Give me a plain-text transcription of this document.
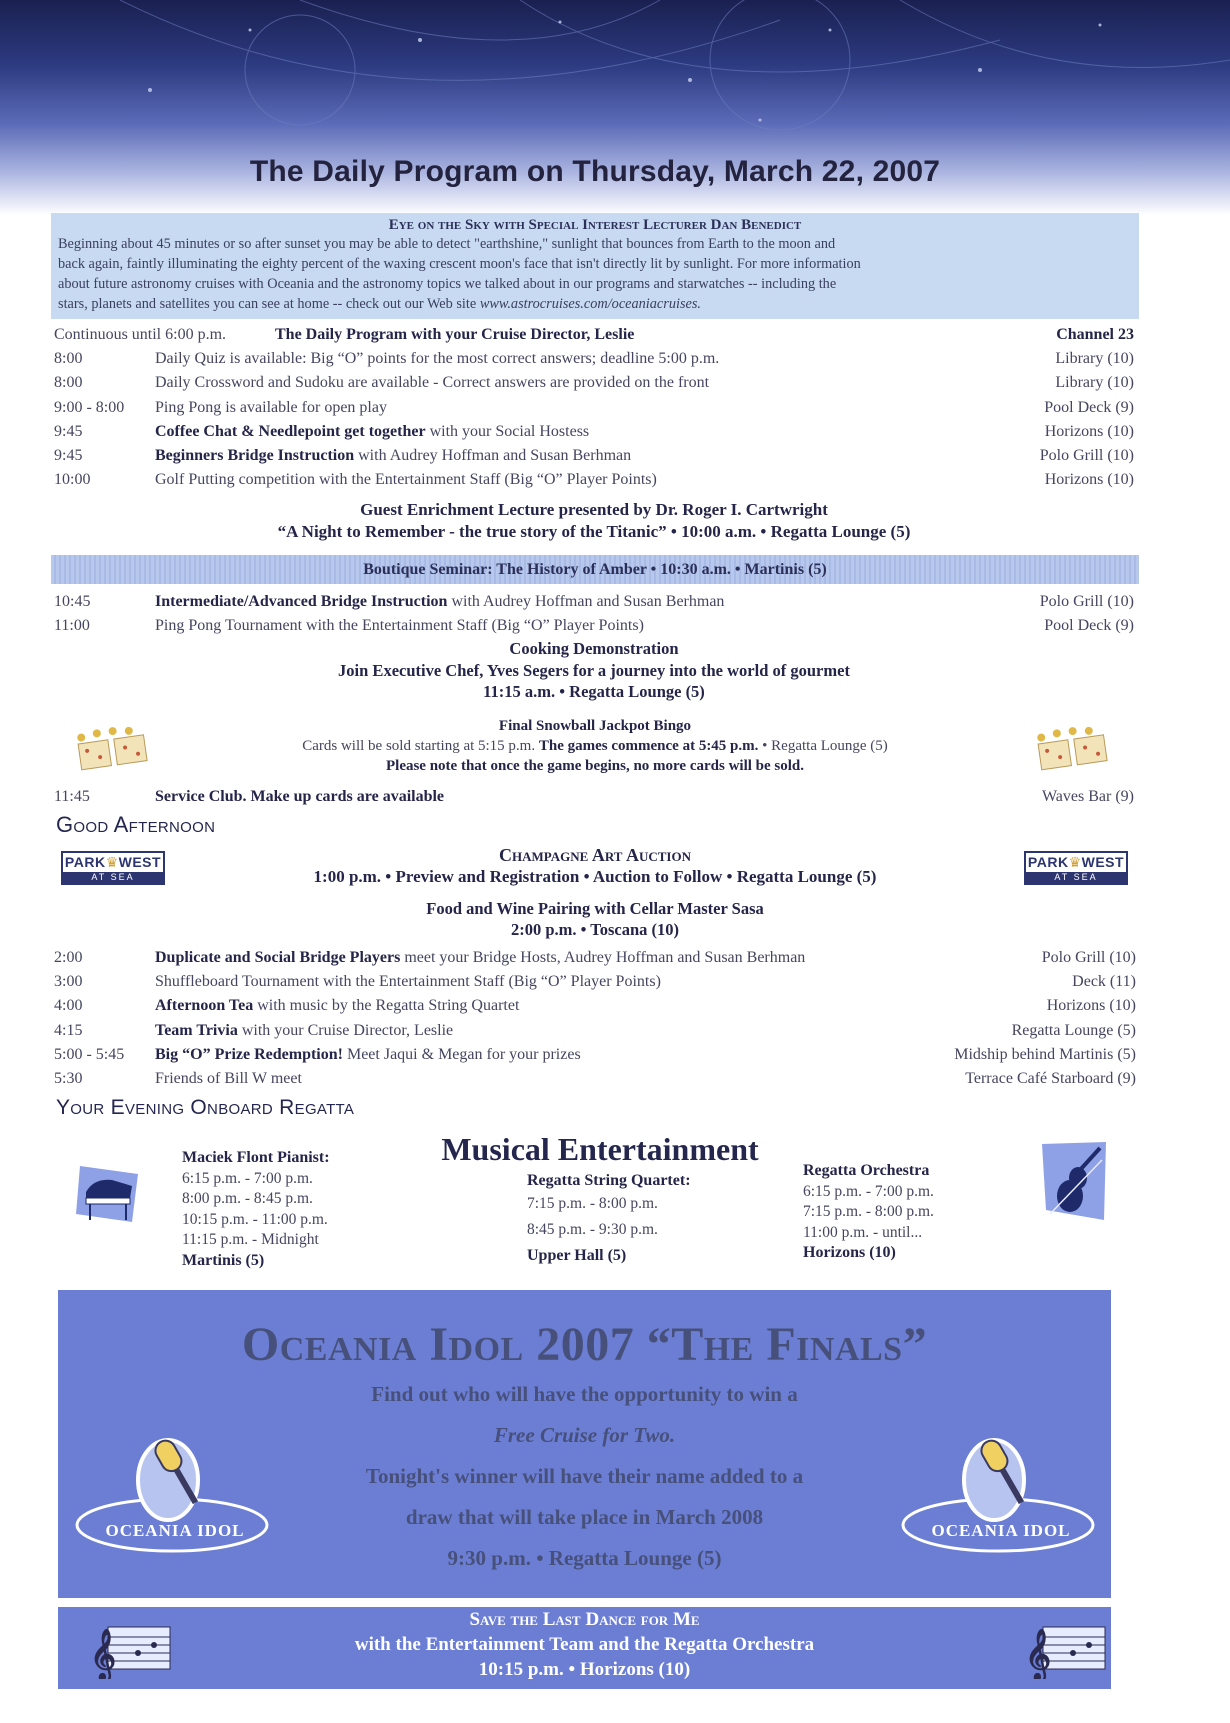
The Daily Program on Thursday, March 22, 2007
Eye on the Sky with Special Interest Lecturer Dan Benedict
Beginning about 45 minutes or so after sunset you may be able to detect "earthshine," sunlight that bounces from Earth to the moon and
back again, faintly illuminating the eighty percent of the waxing crescent moon's face that isn't directly lit by sunlight. For more information
about future astronomy cruises with Oceania and the astronomy topics we talked about in our programs and starwatches -- including the
stars, planets and satellites you can see at home -- check out our Web site www.astrocruises.com/oceaniacruises.
Continuous until 6:00 p.m.	The Daily Program with your Cruise Director, Leslie	Channel 23
8:00	Daily Quiz is available: Big “O” points for the most correct answers; deadline 5:00 p.m.	Library (10)
8:00	Daily Crossword and Sudoku are available - Correct answers are provided on the front	Library (10)
9:00 - 8:00 Ping Pong is available for open play	Pool Deck (9)
9:45	Coffee Chat & Needlepoint get together with your Social Hostess	Horizons (10)
9:45	Beginners Bridge Instruction with Audrey Hoffman and Susan Berhman	Polo Grill (10)
10:00	Golf Putting competition with the Entertainment Staff (Big “O” Player Points)	Horizons (10)
Guest Enrichment Lecture presented by Dr. Roger I. Cartwright
“A Night to Remember - the true story of the Titanic” • 10:00 a.m. • Regatta Lounge (5)
Boutique Seminar: The History of Amber • 10:30 a.m. • Martinis (5)
10:45	Intermediate/Advanced Bridge Instruction with Audrey Hoffman and Susan Berhman	Polo Grill (10)
11:00	Ping Pong Tournament with the Entertainment Staff (Big “O” Player Points)	Pool Deck (9)
Cooking Demonstration
Join Executive Chef, Yves Segers for a journey into the world of gourmet
11:15 a.m. • Regatta Lounge (5)
Final Snowball Jackpot Bingo
Cards will be sold starting at 5:15 p.m. The games commence at 5:45 p.m. • Regatta Lounge (5)
Please note that once the game begins, no more cards will be sold.
11:45	Service Club. Make up cards are available	Waves Bar (9)
Good Afternoon
PARK♛WEST
AT SEA
PARK♛WEST
AT SEA
Champagne Art Auction
1:00 p.m. • Preview and Registration • Auction to Follow • Regatta Lounge (5)
Food and Wine Pairing with Cellar Master Sasa
2:00 p.m. • Toscana (10)
2:00	Duplicate and Social Bridge Players meet your Bridge Hosts, Audrey Hoffman and Susan Berhman	Polo Grill (10)
3:00	Shuffleboard Tournament with the Entertainment Staff (Big “O” Player Points)	Deck (11)
4:00	Afternoon Tea with music by the Regatta String Quartet	Horizons (10)
4:15	Team Trivia with your Cruise Director, Leslie	Regatta Lounge (5)
5:00 - 5:45 Big “O” Prize Redemption! Meet Jaqui & Megan for your prizes	Midship behind Martinis (5)
5:30	Friends of Bill W meet	Terrace Café Starboard (9)
Your Evening Onboard Regatta
Musical Entertainment
Maciek Flont Pianist:
6:15 p.m. - 7:00 p.m.
8:00 p.m. - 8:45 p.m.
10:15 p.m. - 11:00 p.m.
11:15 p.m. - Midnight
Martinis (5)
Regatta String Quartet:
7:15 p.m. - 8:00 p.m.
8:45 p.m. - 9:30 p.m.
Upper Hall (5)
Regatta Orchestra
6:15 p.m. - 7:00 p.m.
7:15 p.m. - 8:00 p.m.
11:00 p.m. - until...
Horizons (10)
Oceania Idol 2007 “The Finals”
Find out who will have the opportunity to win a
Free Cruise for Two.
Tonight's winner will have their name added to a
draw that will take place in March 2008
9:30 p.m. • Regatta Lounge (5)
OCEANIA IDOL	OCEANIA IDOL
Save the Last Dance for Me
with the Entertainment Team and the Regatta Orchestra
10:15 p.m. • Horizons (10)
𝄞	𝄞
